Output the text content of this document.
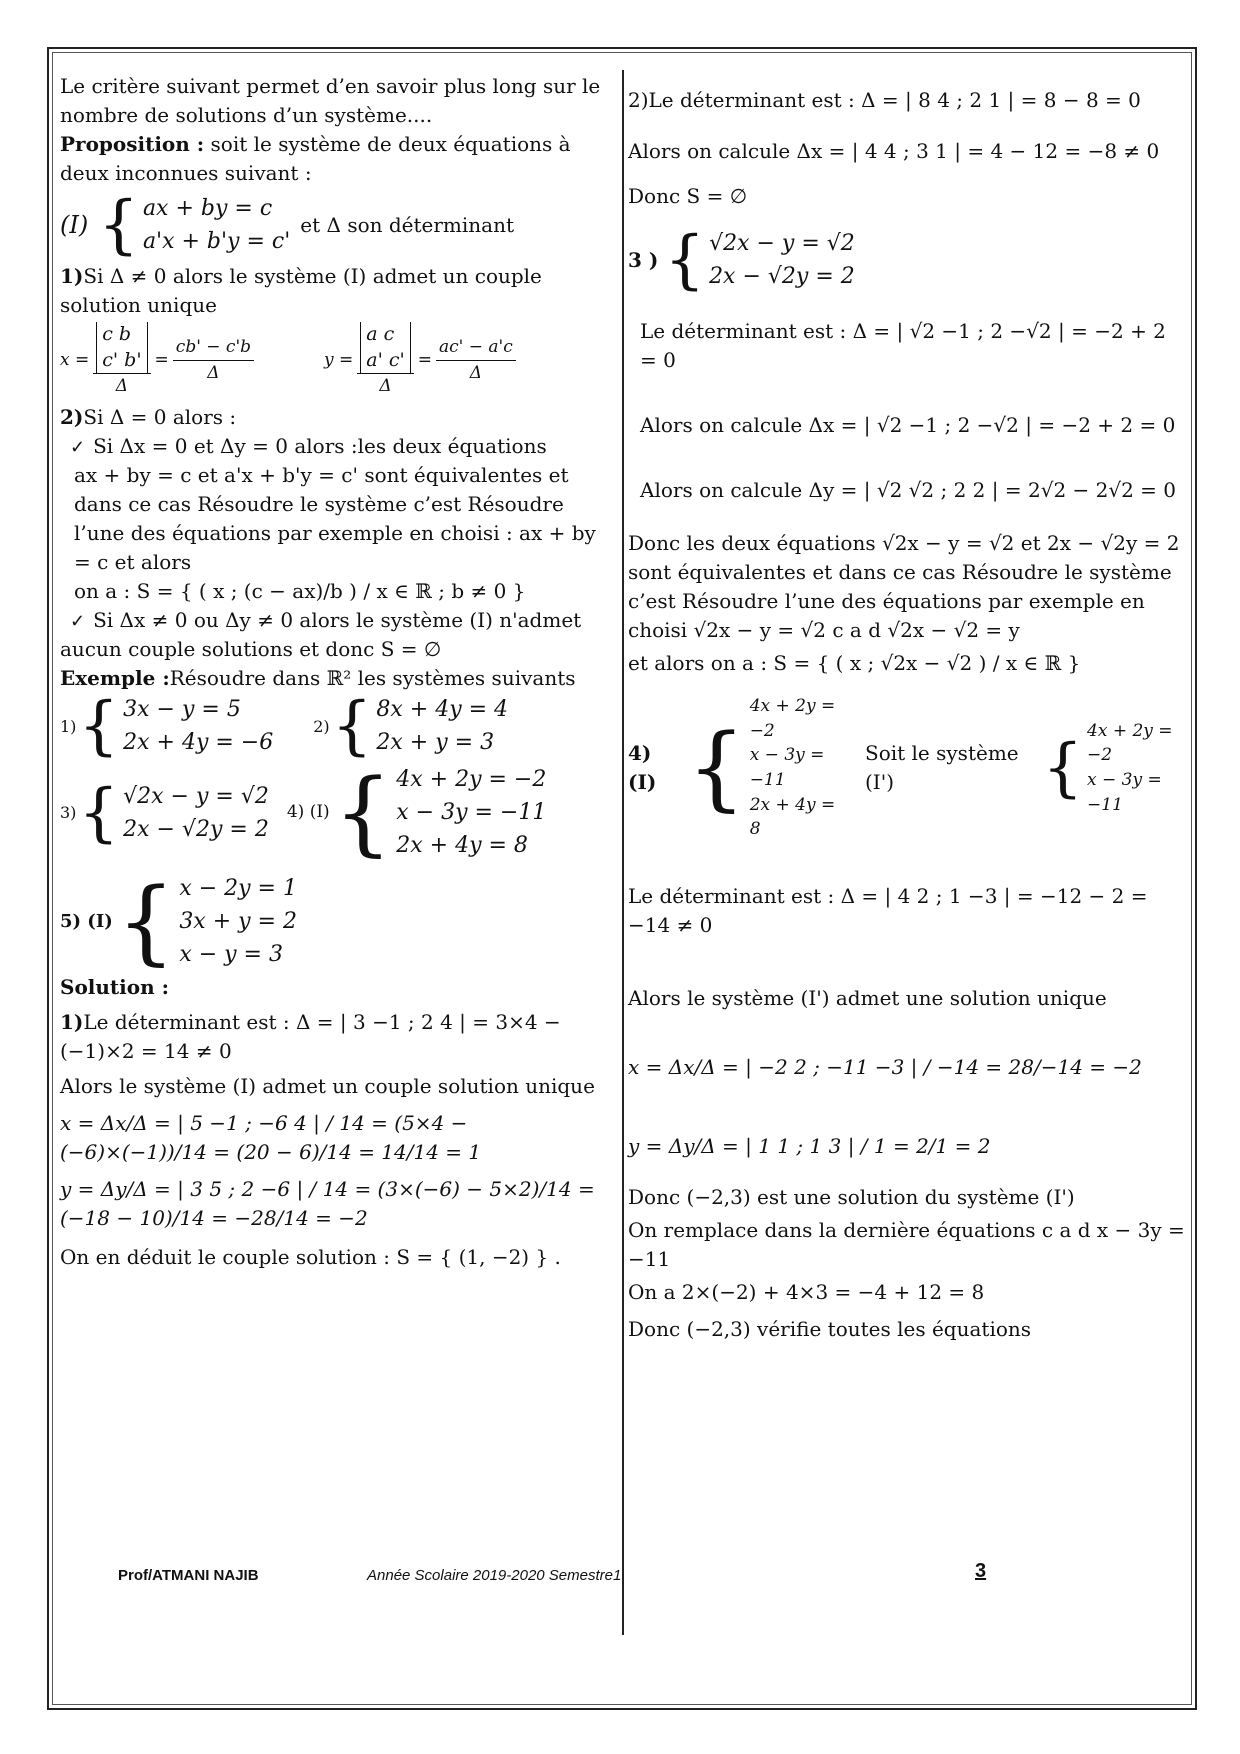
Le critère suivant permet d’en savoir plus long sur le nombre de solutions d’un système....

Proposition : soit le système de deux équations à deux inconnues suivant :

(I) { ax + by = c
a'x + b'y = c'
et Δ son déterminant

1)Si Δ ≠ 0 alors le système (I) admet un couple solution unique

x = c b
c' b'
$\Delta = \frac{cb' - c'b}{\Delta}$	y = a c
a' c'
$\Delta = \frac{ac' - a'c}{\Delta}$

2)Si Δ = 0 alors :

✓ Si Δx = 0 et Δy = 0 alors :les deux équations

ax + by = c et a'x + b'y = c' sont équivalentes et dans ce cas Résoudre le système c’est Résoudre l’une des équations par exemple en choisi : ax + by = c et alors

on a : S = { ( x ; (c − ax)/b ) / x ∈ ℝ ; b ≠ 0 }

✓ Si Δx ≠ 0 ou Δy ≠ 0 alors le système (I) n'admet aucun couple solutions et donc S = ∅

Exemple :Résoudre dans ℝ² les systèmes suivants

1) { 3x − y = 5
2x + 4y = −6
2) { 8x + 4y = 4
2x + y = 3
3) { √2x − y = √2
2x − √2y = 2
4) (I) { 4x + 2y = −2
x − 3y = −11
2x + 4y = 8
5) (I) { x − 2y = 1
3x + y = 2
x − y = 3

Solution :

1)Le déterminant est : Δ = | 3 −1 ; 2 4 | = 3×4 − (−1)×2 = 14 ≠ 0

Alors le système (I) admet un couple solution unique

x = Δx/Δ = | 5 −1 ; −6 4 | / 14 = (5×4 − (−6)×(−1))/14 = (20 − 6)/14 = 14/14 = 1

y = Δy/Δ = | 3 5 ; 2 −6 | / 14 = (3×(−6) − 5×2)/14 = (−18 − 10)/14 = −28/14 = −2

On en déduit le couple solution : S = { (1, −2) } .

2)Le déterminant est : Δ = | 8 4 ; 2 1 | = 8 − 8 = 0

Alors on calcule Δx = | 4 4 ; 3 1 | = 4 − 12 = −8 ≠ 0

Donc S = ∅

3 ) { √2x − y = √2
2x − √2y = 2

Le déterminant est : Δ = | √2 −1 ; 2 −√2 | = −2 + 2 = 0

Alors on calcule Δx = | √2 −1 ; 2 −√2 | = −2 + 2 = 0

Alors on calcule Δy = | √2 √2 ; 2 2 | = 2√2 − 2√2 = 0

Donc les deux équations √2x − y = √2 et 2x − √2y = 2 sont équivalentes et dans ce cas Résoudre le système c’est Résoudre l’une des équations par exemple en choisi √2x − y = √2 c a d √2x − √2 = y

et alors on a : S = { ( x ; √2x − √2 ) / x ∈ ℝ }

4) (I) {
4x + 2y = −2
x − 3y = −11
2x + 4y = 8
Soit le système (I')	{
4x + 2y = −2
x − 3y = −11

Le déterminant est : Δ = | 4 2 ; 1 −3 | = −12 − 2 = −14 ≠ 0

Alors le système (I') admet une solution unique

x = Δx/Δ = | −2 2 ; −11 −3 | / −14 = 28/−14 = −2

y = Δy/Δ = | 1 1 ; 1 3 | / 1 = 2/1 = 2

Donc (−2,3) est une solution du système (I')

On remplace dans la dernière équations c a d x − 3y = −11

On a 2×(−2) + 4×3 = −4 + 12 = 8

Donc (−2,3) vérifie toutes les équations

Prof/ATMANI NAJIB	Année Scolaire 2019-2020 Semestre1	3
